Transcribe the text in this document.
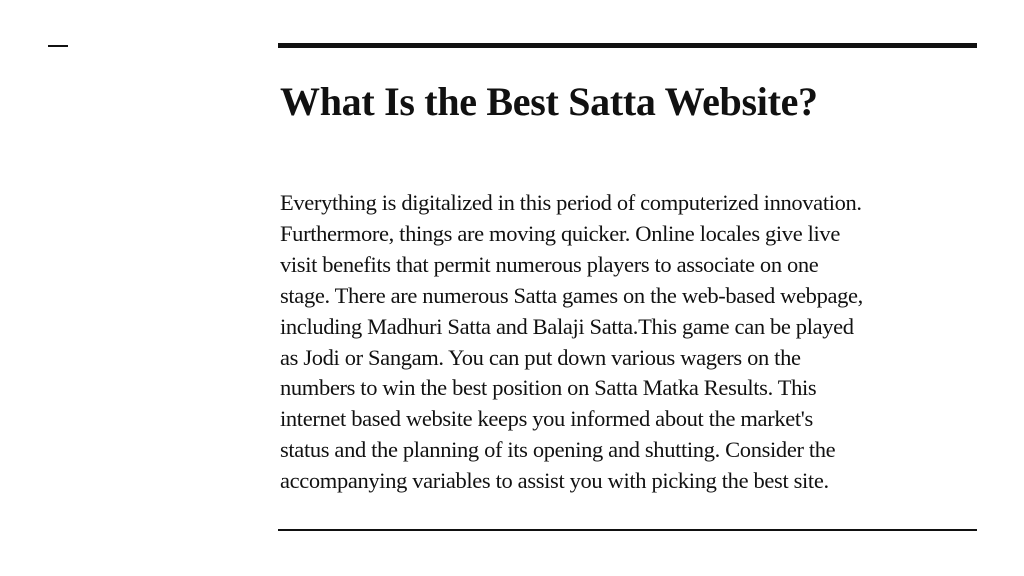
What Is the Best Satta Website?

Everything is digitalized in this period of computerized innovation.
Furthermore, things are moving quicker. Online locales give live
visit benefits that permit numerous players to associate on one
stage. There are numerous Satta games on the web-based webpage,
including Madhuri Satta and Balaji Satta.This game can be played
as Jodi or Sangam. You can put down various wagers on the
numbers to win the best position on Satta Matka Results. This
internet based website keeps you informed about the market's
status and the planning of its opening and shutting. Consider the
accompanying variables to assist you with picking the best site.
